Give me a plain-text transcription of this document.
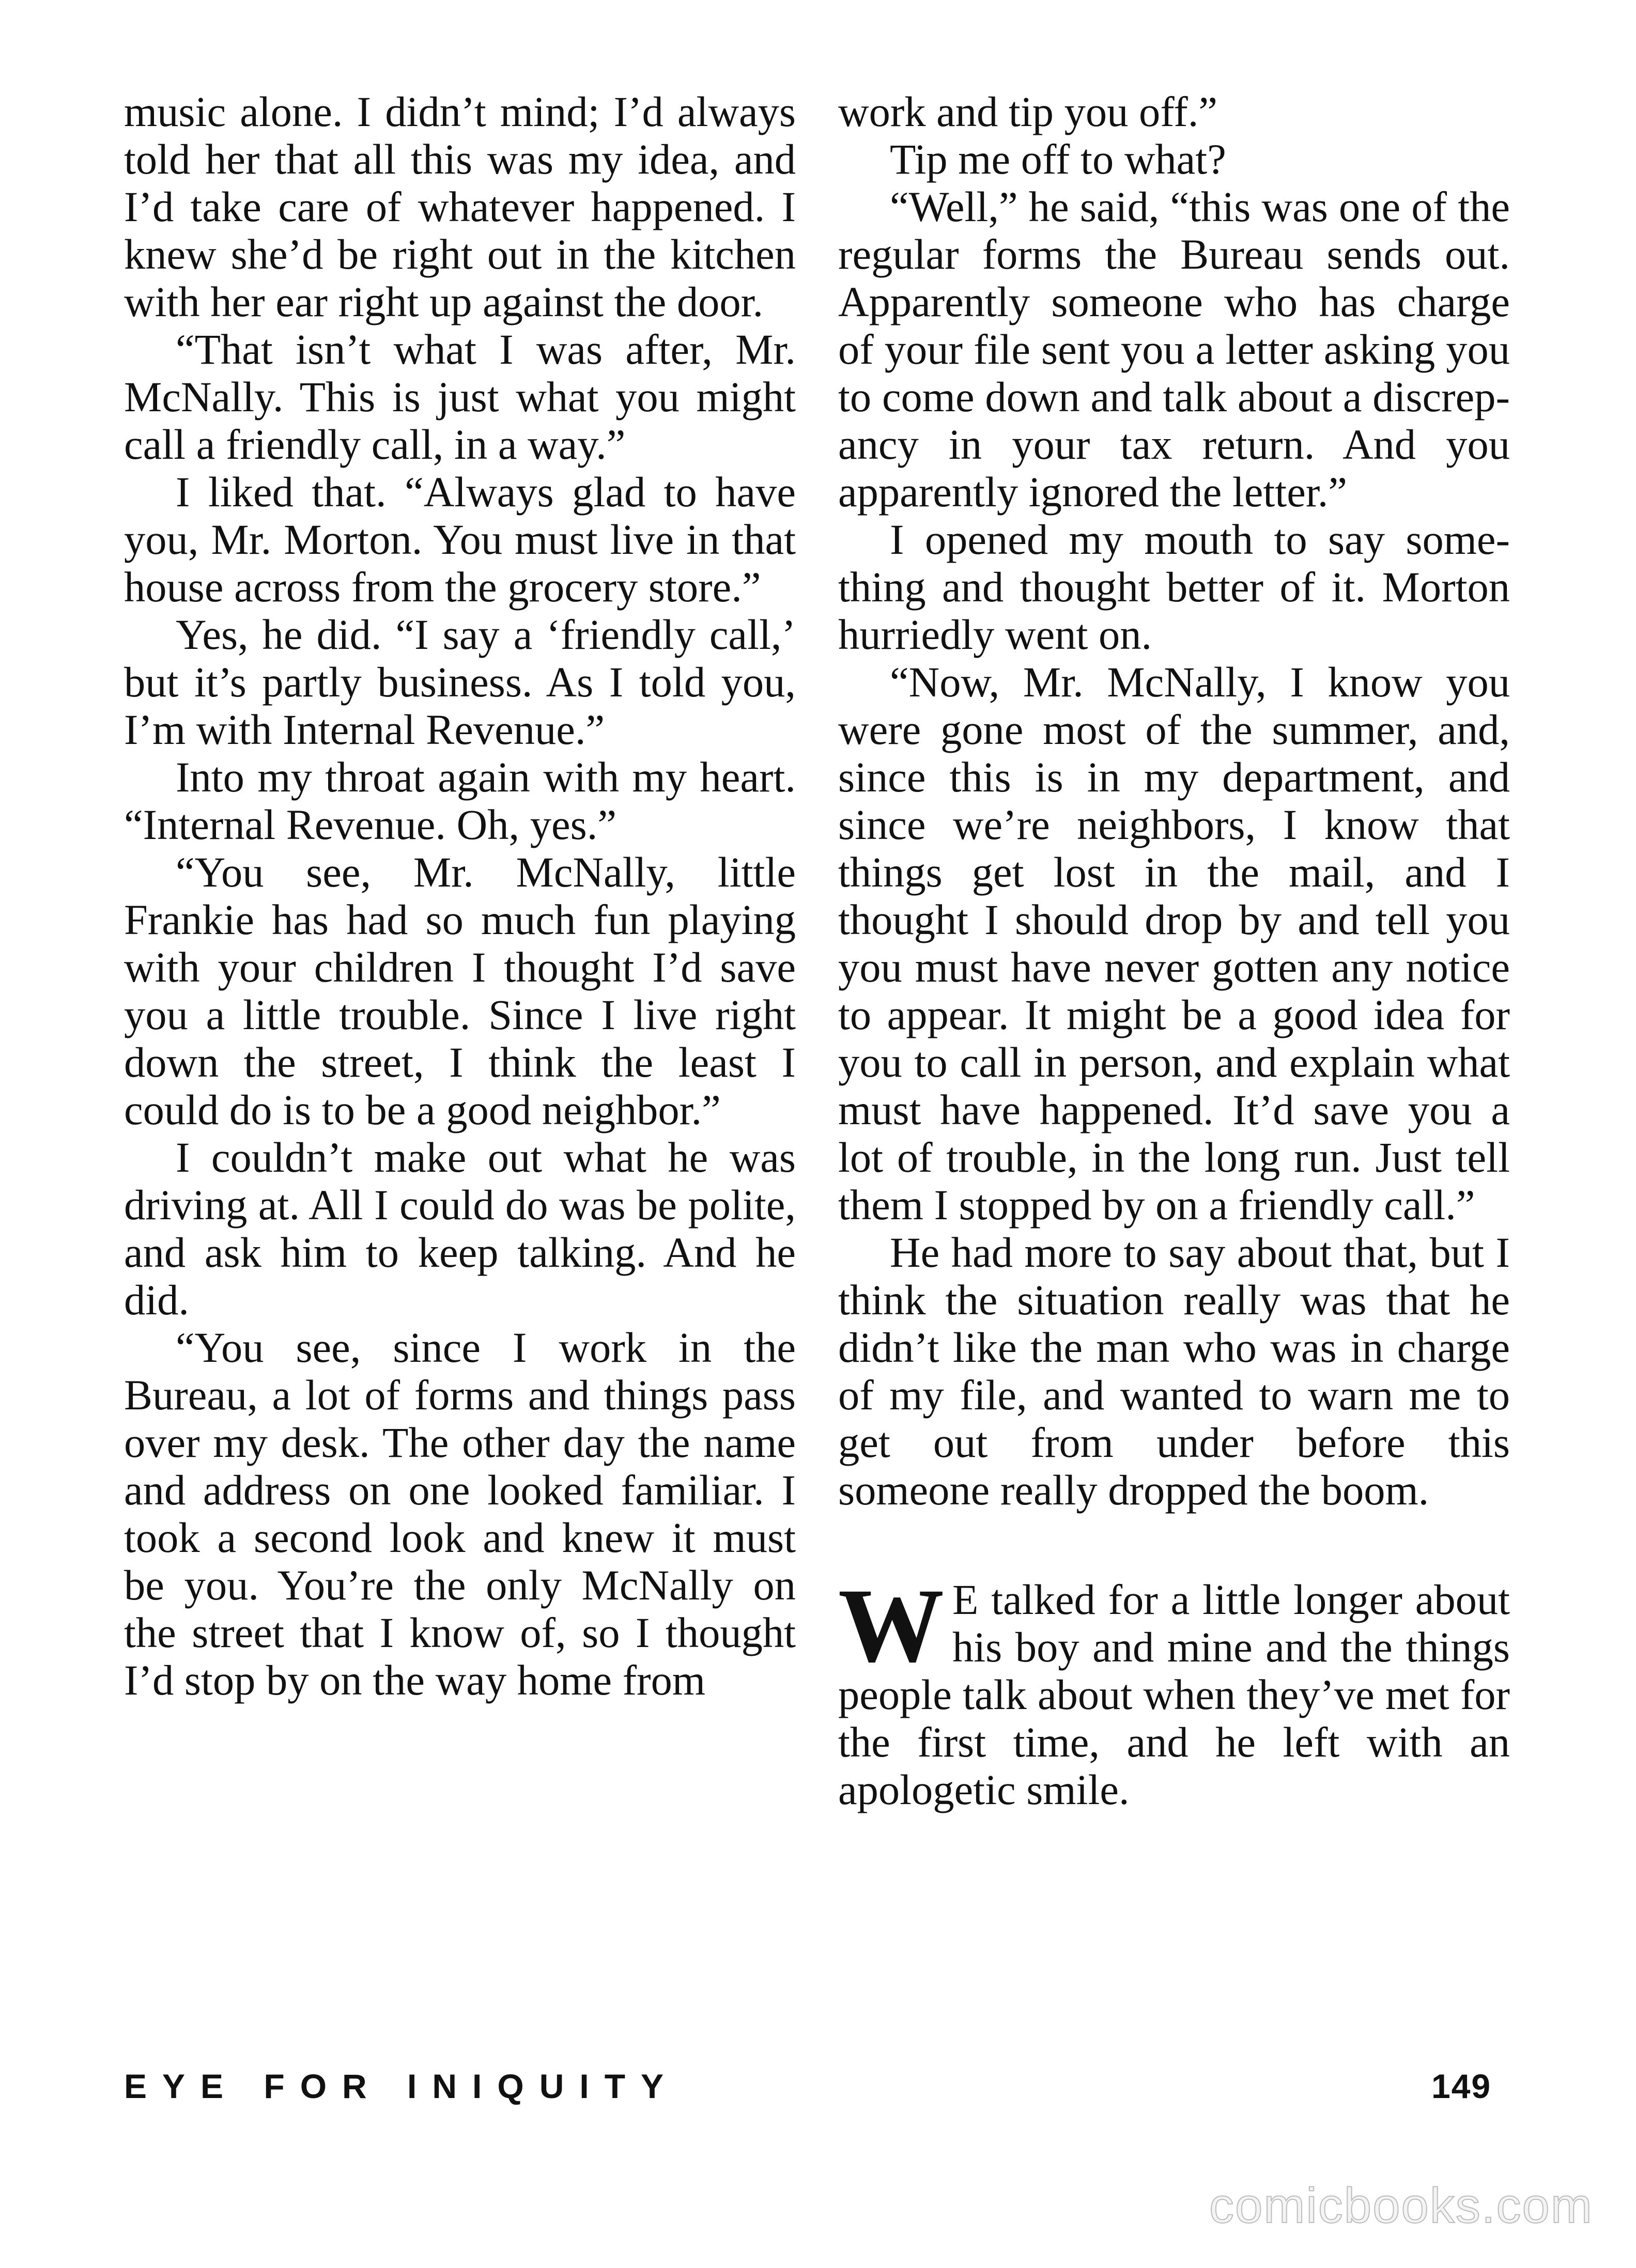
music alone. I didn’t mind; I’d always told her that all this was my idea, and I’d take care of whatever happened. I knew she’d be right out in the kitchen with her ear right up against the door.

“That isn’t what I was after, Mr. McNally. This is just what you might call a friendly call, in a way.”

I liked that. “Always glad to have you, Mr. Morton. You must live in that house across from the grocery store.”

Yes, he did. “I say a ‘friendly call,’ but it’s partly business. As I told you, I’m with Internal Revenue.”

Into my throat again with my heart. “Internal Revenue. Oh, yes.”

“You see, Mr. McNally, little Frankie has had so much fun playing with your children I thought I’d save you a little trouble. Since I live right down the street, I think the least I could do is to be a good neighbor.”

I couldn’t make out what he was driving at. All I could do was be polite, and ask him to keep talking. And he did.

“You see, since I work in the Bureau, a lot of forms and things pass over my desk. The other day the name and address on one looked familiar. I took a second look and knew it must be you. You’re the only McNally on the street that I know of, so I thought I’d stop by on the way home from

work and tip you off.”

Tip me off to what?

“Well,” he said, “this was one of the regular forms the Bureau sends out. Apparently someone who has charge of your file sent you a letter asking you to come down and talk about a discrepancy in your tax return. And you apparently ignored the letter.”

I opened my mouth to say something and thought better of it. Morton hurriedly went on.

“Now, Mr. McNally, I know you were gone most of the summer, and, since this is in my department, and since we’re neighbors, I know that things get lost in the mail, and I thought I should drop by and tell you you must have never gotten any notice to appear. It might be a good idea for you to call in person, and explain what must have happened. It’d save you a lot of trouble, in the long run. Just tell them I stopped by on a friendly call.”

He had more to say about that, but I think the situation really was that he didn’t like the man who was in charge of my file, and wanted to warn me to get out from under before this someone really dropped the boom.

W E talked for a little longer about his boy and mine and the things people talk about when they’ve met for the first time, and he left with an apologetic smile.

EYE FOR INIQUITY	149
comicbooks.com
